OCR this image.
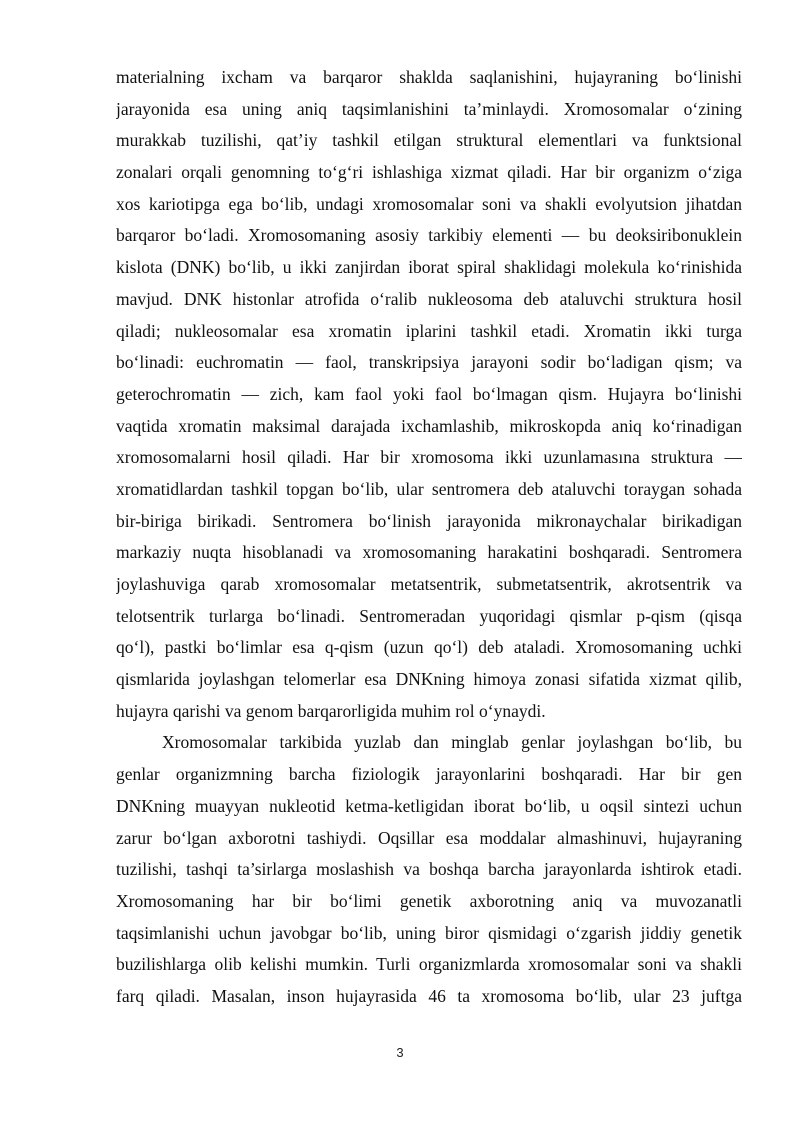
materialning ixcham va barqaror shaklda saqlanishini, hujayraning bo‘linishi
jarayonida esa uning aniq taqsimlanishini ta’minlaydi. Xromosomalar o‘zining
murakkab tuzilishi, qat’iy tashkil etilgan struktural elementlari va funktsional
zonalari orqali genomning to‘g‘ri ishlashiga xizmat qiladi. Har bir organizm o‘ziga
xos kariotipga ega bo‘lib, undagi xromosomalar soni va shakli evolyutsion jihatdan
barqaror bo‘ladi. Xromosomaning asosiy tarkibiy elementi — bu deoksiribonuklein
kislota (DNK) bo‘lib, u ikki zanjirdan iborat spiral shaklidagi molekula ko‘rinishida
mavjud. DNK histonlar atrofida o‘ralib nukleosoma deb ataluvchi struktura hosil
qiladi; nukleosomalar esa xromatin iplarini tashkil etadi. Xromatin ikki turga
bo‘linadi: euchromatin — faol, transkripsiya jarayoni sodir bo‘ladigan qism; va
geterochromatin — zich, kam faol yoki faol bo‘lmagan qism. Hujayra bo‘linishi
vaqtida xromatin maksimal darajada ixchamlashib, mikroskopda aniq ko‘rinadigan
xromosomalarni hosil qiladi. Har bir xromosoma ikki uzunlamasına struktura —
xromatidlardan tashkil topgan bo‘lib, ular sentromera deb ataluvchi toraygan sohada
bir-biriga birikadi. Sentromera bo‘linish jarayonida mikronaychalar birikadigan
markaziy nuqta hisoblanadi va xromosomaning harakatini boshqaradi. Sentromera
joylashuviga qarab xromosomalar metatsentrik, submetatsentrik, akrotsentrik va
telotsentrik turlarga bo‘linadi. Sentromeradan yuqoridagi qismlar p-qism (qisqa
qo‘l), pastki bo‘limlar esa q-qism (uzun qo‘l) deb ataladi. Xromosomaning uchki
qismlarida joylashgan telomerlar esa DNKning himoya zonasi sifatida xizmat qilib,
hujayra qarishi va genom barqarorligida muhim rol o‘ynaydi.
Xromosomalar tarkibida yuzlab dan minglab genlar joylashgan bo‘lib, bu
genlar organizmning barcha fiziologik jarayonlarini boshqaradi. Har bir gen
DNKning muayyan nukleotid ketma-ketligidan iborat bo‘lib, u oqsil sintezi uchun
zarur bo‘lgan axborotni tashiydi. Oqsillar esa moddalar almashinuvi, hujayraning
tuzilishi, tashqi ta’sirlarga moslashish va boshqa barcha jarayonlarda ishtirok etadi.
Xromosomaning har bir bo‘limi genetik axborotning aniq va muvozanatli
taqsimlanishi uchun javobgar bo‘lib, uning biror qismidagi o‘zgarish jiddiy genetik
buzilishlarga olib kelishi mumkin. Turli organizmlarda xromosomalar soni va shakli
farq qiladi. Masalan, inson hujayrasida 46 ta xromosoma bo‘lib, ular 23 juftga
3
